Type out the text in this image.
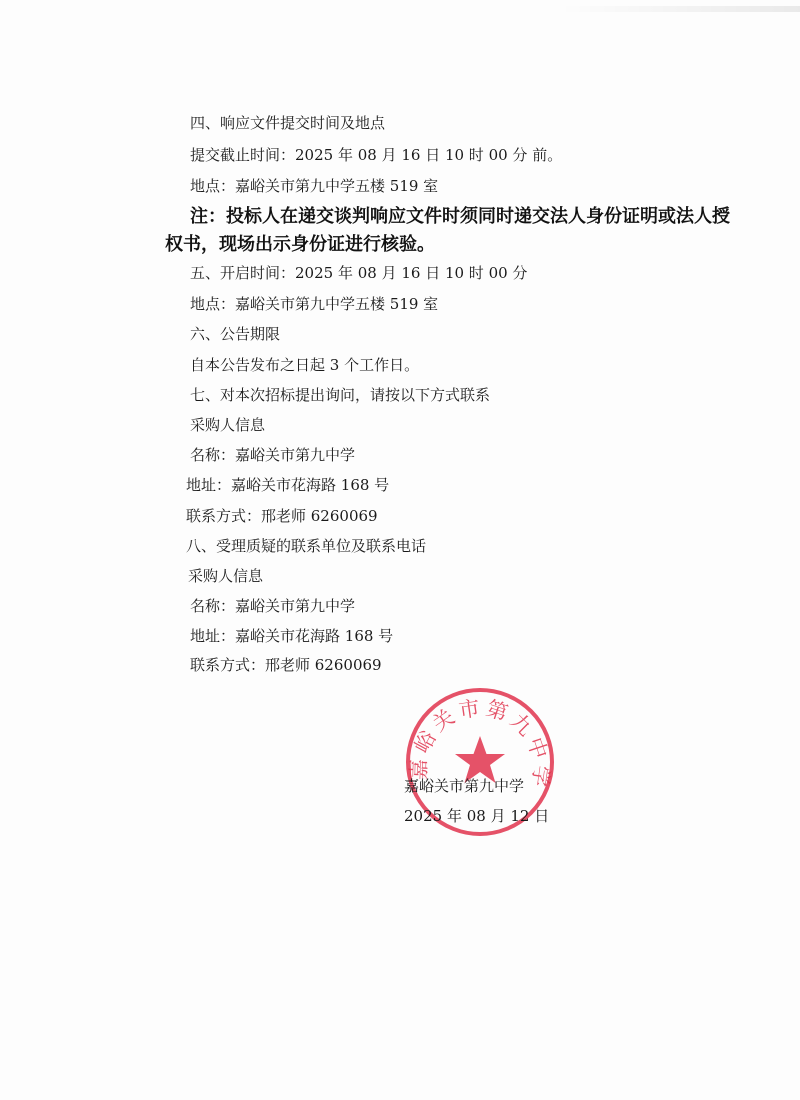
四、响应文件提交时间及地点
提交截止时间：2025 年 08 月 16 日 10 时 00 分 前。
地点：嘉峪关市第九中学五楼 519 室
注：投标人在递交谈判响应文件时须同时递交法人身份证明或法人授
权书，现场出示身份证进行核验。
五、开启时间：2025 年 08 月 16 日 10 时 00 分
地点：嘉峪关市第九中学五楼 519 室
六、公告期限
自本公告发布之日起 3 个工作日。
七、对本次招标提出询问，请按以下方式联系
采购人信息
名称：嘉峪关市第九中学
地址：嘉峪关市花海路 168 号
联系方式：邢老师 6260069
八、受理质疑的联系单位及联系电话
采购人信息
名称：嘉峪关市第九中学
地址：嘉峪关市花海路 168 号
联系方式：邢老师 6260069
嘉峪关市第九中学
嘉峪关市第九中学
2025 年 08 月 12 日
